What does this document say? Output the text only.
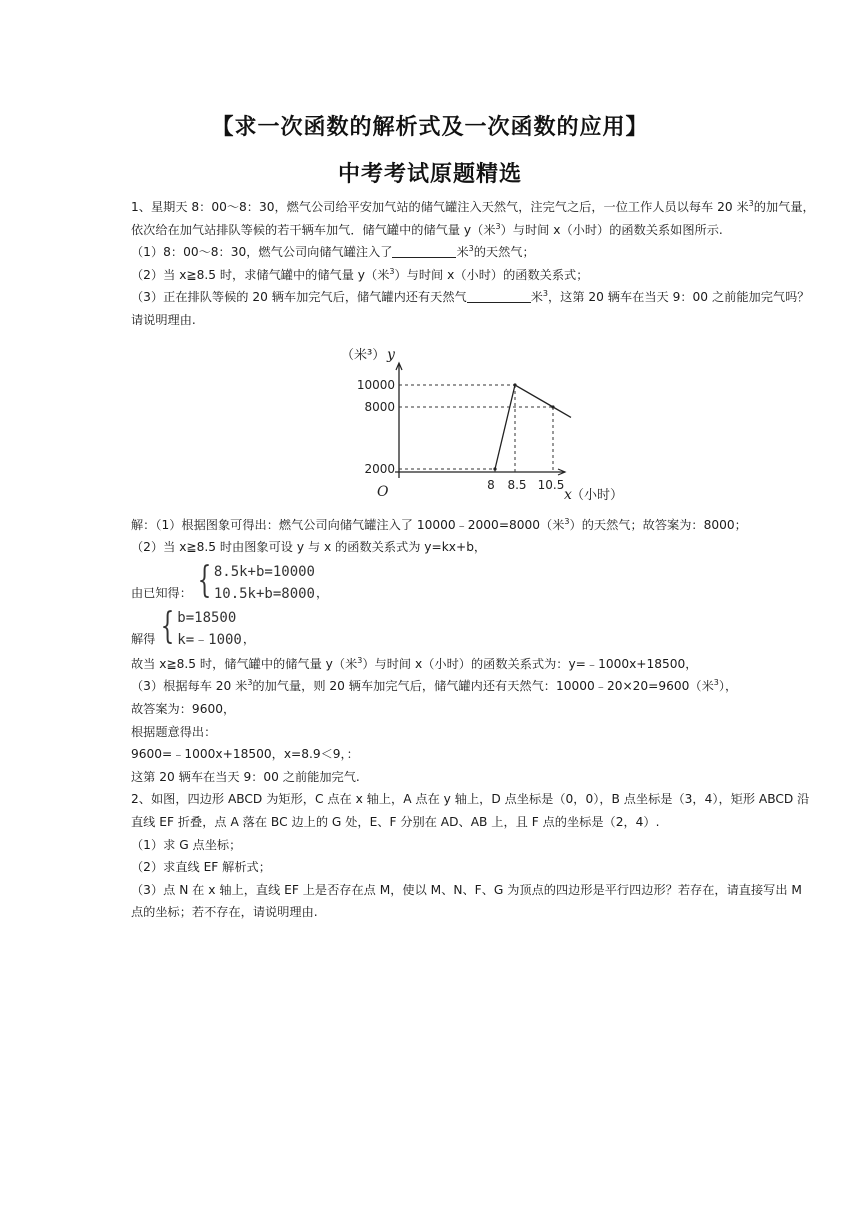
【求一次函数的解析式及一次函数的应用】
中考考试原题精选

1、星期天 8：00～8：30，燃气公司给平安加气站的储气罐注入天然气，注完气之后，一位工作人员以每车 20 米$^3$的加气量，

依次给在加气站排队等候的若干辆车加气．储气罐中的储气量 y（米$^3$）与时间 x（小时）的函数关系如图所示.

（1）8：00～8：30，燃气公司向储气罐注入了	米$^3$的天然气；

（2）当 x≧8.5 时，求储气罐中的储气量 y（米$^3$）与时间 x（小时）的函数关系式；

（3）正在排队等候的 20 辆车加完气后，储气罐内还有天然气	米$^3$，这第 20 辆车在当天 9：00 之前能加完气吗？

请说明理由.

10000
8000
2000
8 8.5 10.5
（米³） y
O	x （小时）

解：（1）根据图象可得出：燃气公司向储气罐注入了 10000﹣2000=8000（米$^3$）的天然气；故答案为：8000；

（2）当 x≧8.5 时由图象可设 y 与 x 的函数关系式为 y=kx+b，

由已知得： { 8.5k+b=10000
10.5k+b=8000 ，
解得 { b=18500
k=﹣1000 ，

故当 x≧8.5 时，储气罐中的储气量 y（米$^3$）与时间 x（小时）的函数关系式为：y=﹣1000x+18500，

（3）根据每车 20 米$^3$的加气量，则 20 辆车加完气后，储气罐内还有天然气：10000﹣20×20=9600（米$^3$），

故答案为：9600，

根据题意得出：

9600=﹣1000x+18500，x=8.9＜9，：

这第 20 辆车在当天 9：00 之前能加完气.

2、如图，四边形 ABCD 为矩形，C 点在 x 轴上，A 点在 y 轴上，D 点坐标是（0，0），B 点坐标是（3，4），矩形 ABCD 沿

直线 EF 折叠，点 A 落在 BC 边上的 G 处，E、F 分别在 AD、AB 上，且 F 点的坐标是（2，4）.

（1）求 G 点坐标；

（2）求直线 EF 解析式；

（3）点 N 在 x 轴上，直线 EF 上是否存在点 M，使以 M、N、F、G 为顶点的四边形是平行四边形？若存在，请直接写出 M

点的坐标；若不存在，请说明理由.
